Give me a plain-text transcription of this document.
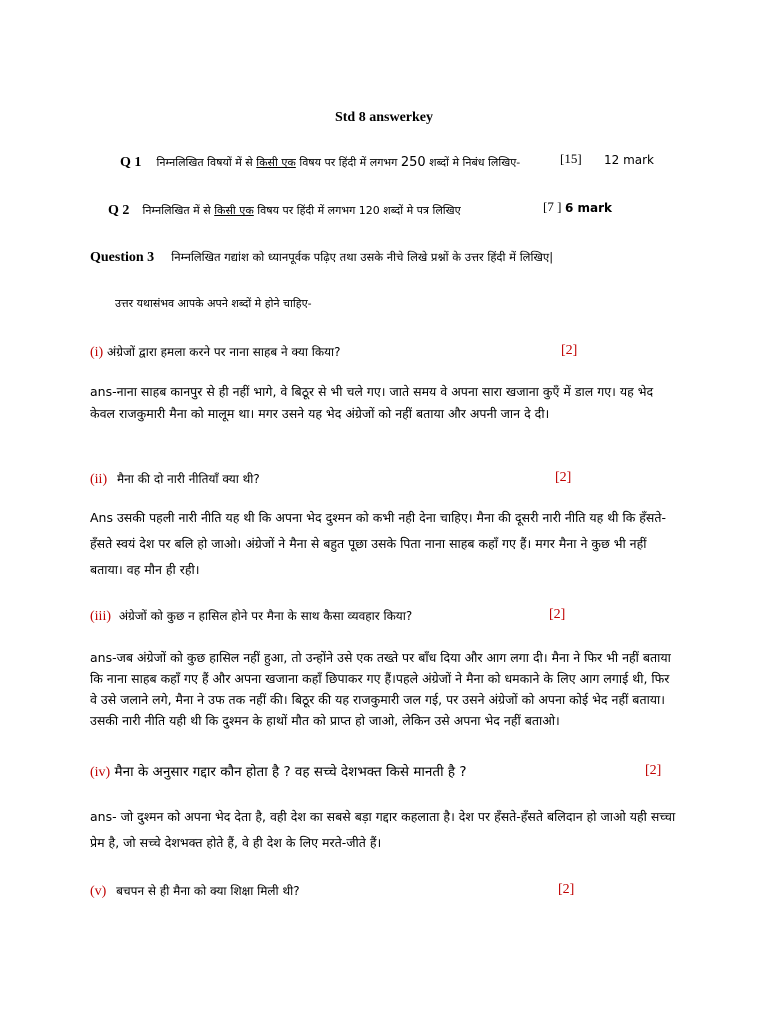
Std 8 answerkey
Q 1 निम्नलिखित विषयों में से किसी एक विषय पर हिंदी में लगभग 250 शब्दों मे निबंध लिखिए-	[15] 12 mark
Q 2 निम्नलिखित में से किसी एक विषय पर हिंदी में लगभग 120 शब्दों मे पत्र लिखिए	[7 ] 6 mark
Question 3 निम्नलिखित गद्यांश को ध्यानपूर्वक पढ़िए तथा उसके नीचे लिखे प्रश्नों के उत्तर हिंदी में लिखिए|
उत्तर यथासंभव आपके अपने शब्दों मे होने चाहिए-
(i) अंग्रेजों द्वारा हमला करने पर नाना साहब ने क्या किया?	[2]
ans-नाना साहब कानपुर से ही नहीं भागे, वे बिठूर से भी चले गए। जाते समय वे अपना सारा खजाना कुएँ में डाल गए। यह भेद केवल राजकुमारी मैना को मालूम था। मगर उसने यह भेद अंग्रेजों को नहीं बताया और अपनी जान दे दी।
(ii) मैना की दो नारी नीतियाँ क्या थी?	[2]
Ans उसकी पहली नारी नीति यह थी कि अपना भेद दुश्मन को कभी नही देना चाहिए। मैना की दूसरी नारी नीति यह थी कि हँसते-हँसते स्वयं देश पर बलि हो जाओ। अंग्रेजों ने मैना से बहुत पूछा उसके पिता नाना साहब कहाँ गए हैं। मगर मैना ने कुछ भी नहीं बताया। वह मौन ही रही।
(iii) अंग्रेजों को कुछ न हासिल होने पर मैना के साथ कैसा व्यवहार किया?	[2]
ans-जब अंग्रेजों को कुछ हासिल नहीं हुआ, तो उन्होंने उसे एक तख्ते पर बाँध दिया और आग लगा दी। मैना ने फिर भी नहीं बताया कि नाना साहब कहाँ गए हैं और अपना खजाना कहाँ छिपाकर गए हैं।पहले अंग्रेजों ने मैना को धमकाने के लिए आग लगाई थी, फिर वे उसे जलाने लगे, मैना ने उफ तक नहीं की। बिठूर की यह राजकुमारी जल गई, पर उसने अंग्रेजों को अपना कोई भेद नहीं बताया। उसकी नारी नीति यही थी कि दुश्मन के हाथों मौत को प्राप्त हो जाओ, लेकिन उसे अपना भेद नहीं बताओ।
(iv) मैना के अनुसार गद्दार कौन होता है ? वह सच्चे देशभक्त किसे मानती है ?	[2]
ans- जो दुश्मन को अपना भेद देता है, वही देश का सबसे बड़ा गद्दार कहलाता है। देश पर हँसते-हँसते बलिदान हो जाओ यही सच्चा प्रेम है, जो सच्चे देशभक्त होते हैं, वे ही देश के लिए मरते-जीते हैं।
(v) बचपन से ही मैना को क्या शिक्षा मिली थी?	[2]
